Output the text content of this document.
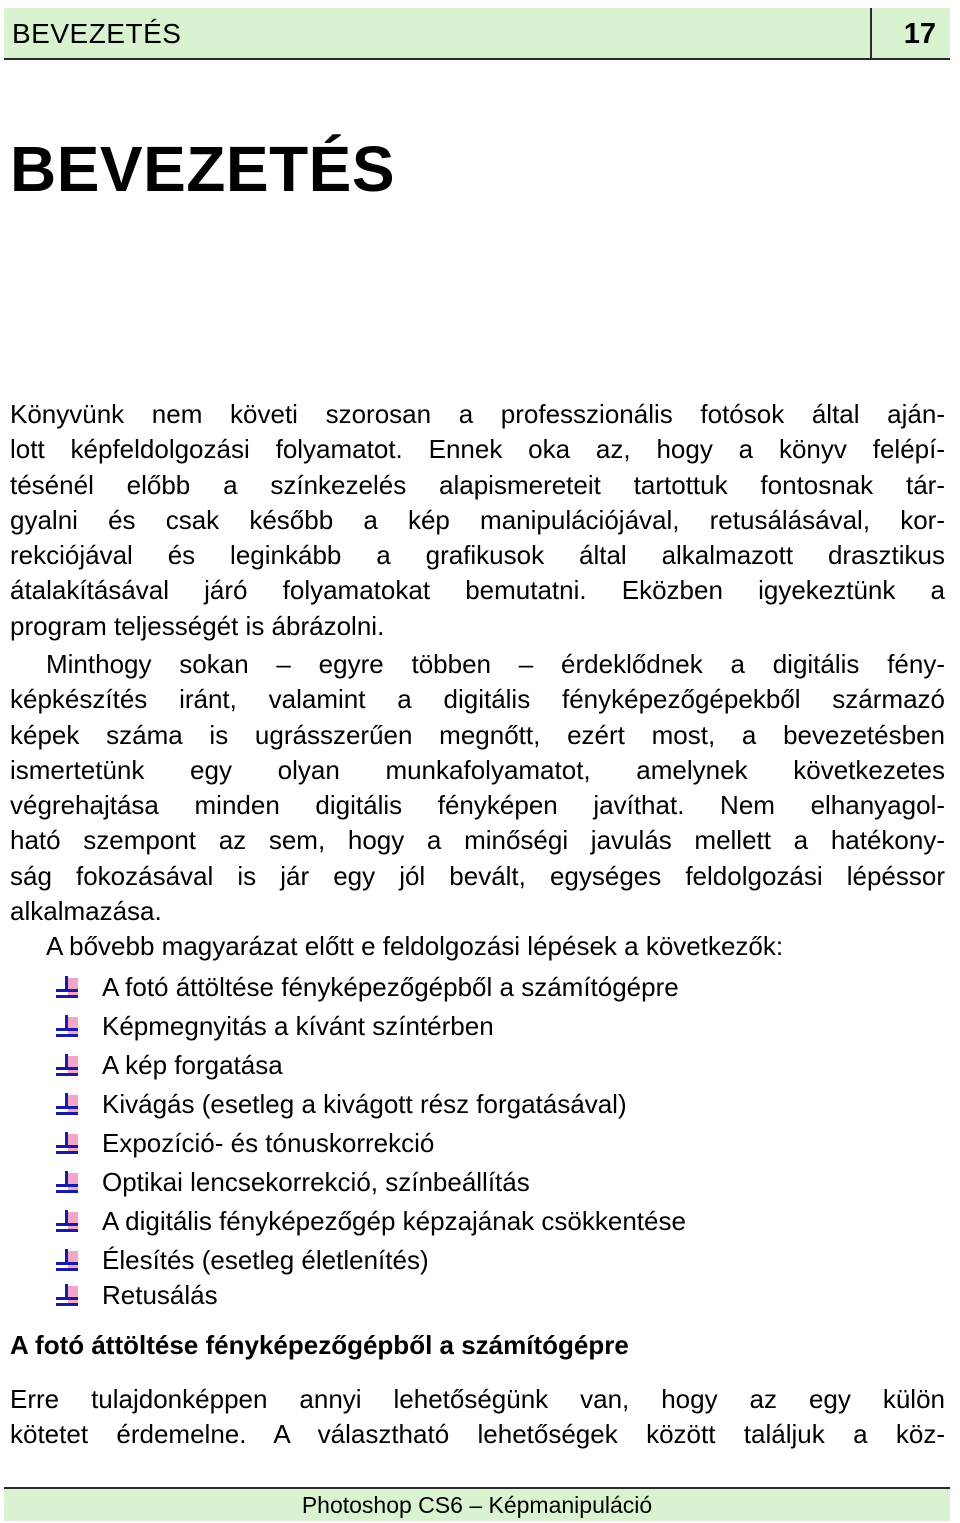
BEVEZETÉS	17
BEVEZETÉS

Könyvünk nem követi szorosan a professzionális fotósok által aján-
lott képfeldolgozási folyamatot. Ennek oka az, hogy a könyv felépí-
tésénél előbb a színkezelés alapismereteit tartottuk fontosnak tár-
gyalni és csak később a kép manipulációjával, retusálásával, kor-
rekciójával és leginkább a grafikusok által alkalmazott drasztikus
átalakításával járó folyamatokat bemutatni. Eközben igyekeztünk a
program teljességét is ábrázolni.

Minthogy sokan – egyre többen – érdeklődnek a digitális fény-
képkészítés iránt, valamint a digitális fényképezőgépekből származó
képek száma is ugrásszerűen megnőtt, ezért most, a bevezetésben
ismertetünk egy olyan munkafolyamatot, amelynek következetes
végrehajtása minden digitális fényképen javíthat. Nem elhanyagol-
ható szempont az sem, hogy a minőségi javulás mellett a hatékony-
ság fokozásával is jár egy jól bevált, egységes feldolgozási lépéssor
alkalmazása.

A bővebb magyarázat előtt e feldolgozási lépések a következők:

A fotó áttöltése fényképezőgépből a számítógépre
Képmegnyitás a kívánt színtérben
A kép forgatása
Kivágás (esetleg a kivágott rész forgatásával)
Expozíció- és tónuskorrekció
Optikai lencsekorrekció, színbeállítás
A digitális fényképezőgép képzajának csökkentése
Élesítés (esetleg életlenítés)
Retusálás
A fotó áttöltése fényképezőgépből a számítógépre

Erre tulajdonképpen annyi lehetőségünk van, hogy az egy külön
kötetet érdemelne. A választható lehetőségek között találjuk a köz-

Photoshop CS6 – Képmanipuláció
